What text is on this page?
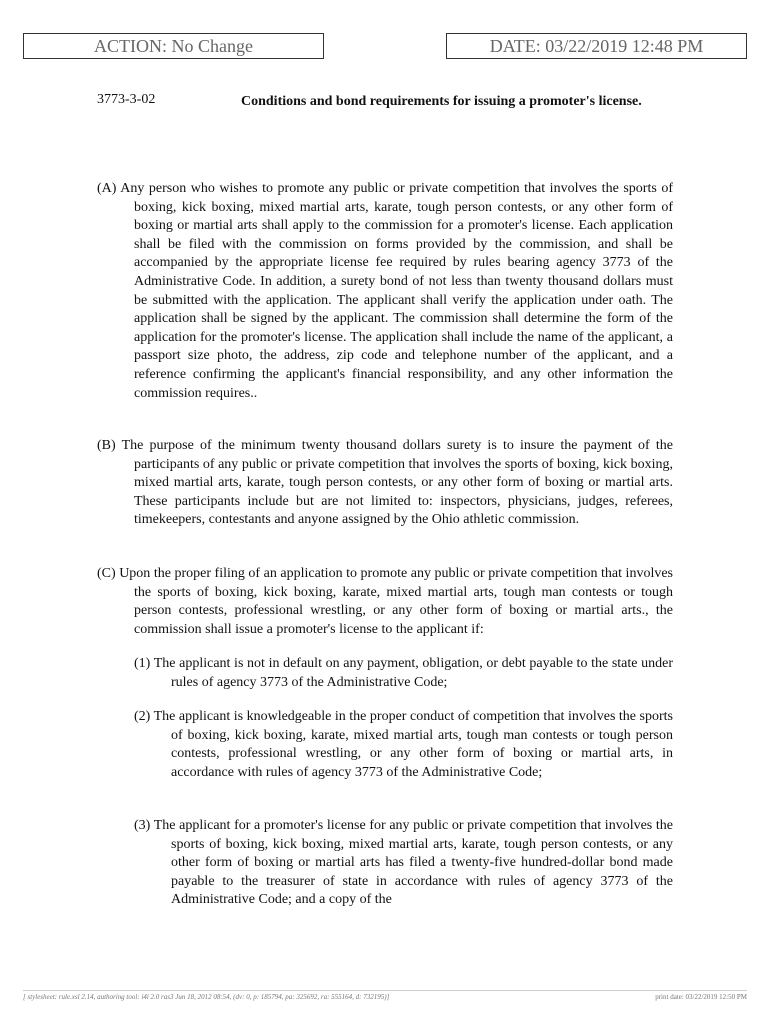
ACTION: No Change	DATE: 03/22/2019 12:48 PM
3773-3-02	Conditions and bond requirements for issuing a promoter's license.

(A) Any person who wishes to promote any public or private competition that involves the sports of boxing, kick boxing, mixed martial arts, karate, tough person contests, or any other form of boxing or martial arts shall apply to the commission for a promoter's license. Each application shall be filed with the commission on forms provided by the commission, and shall be accompanied by the appropriate license fee required by rules bearing agency 3773 of the Administrative Code. In addition, a surety bond of not less than twenty thousand dollars must be submitted with the application. The applicant shall verify the application under oath. The application shall be signed by the applicant. The commission shall determine the form of the application for the promoter's license. The application shall include the name of the applicant, a passport size photo, the address, zip code and telephone number of the applicant, and a reference confirming the applicant's financial responsibility, and any other information the commission requires..

(B) The purpose of the minimum twenty thousand dollars surety is to insure the payment of the participants of any public or private competition that involves the sports of boxing, kick boxing, mixed martial arts, karate, tough person contests, or any other form of boxing or martial arts. These participants include but are not limited to: inspectors, physicians, judges, referees, timekeepers, contestants and anyone assigned by the Ohio athletic commission.

(C) Upon the proper filing of an application to promote any public or private competition that involves the sports of boxing, kick boxing, karate, mixed martial arts, tough man contests or tough person contests, professional wrestling, or any other form of boxing or martial arts., the commission shall issue a promoter's license to the applicant if:

(1) The applicant is not in default on any payment, obligation, or debt payable to the state under rules of agency 3773 of the Administrative Code;

(2) The applicant is knowledgeable in the proper conduct of competition that involves the sports of boxing, kick boxing, karate, mixed martial arts, tough man contests or tough person contests, professional wrestling, or any other form of boxing or martial arts, in accordance with rules of agency 3773 of the Administrative Code;

(3) The applicant for a promoter's license for any public or private competition that involves the sports of boxing, kick boxing, mixed martial arts, karate, tough person contests, or any other form of boxing or martial arts has filed a twenty-five hundred-dollar bond made payable to the treasurer of state in accordance with rules of agency 3773 of the Administrative Code; and a copy of the

[ stylesheet: rule.xsl 2.14, authoring tool: i4i 2.0 ras3 Jun 18, 2012 08:54, (dv: 0, p: 185794, pa: 325692, ra: 555164, d: 732195)]	print date: 03/22/2019 12:50 PM
